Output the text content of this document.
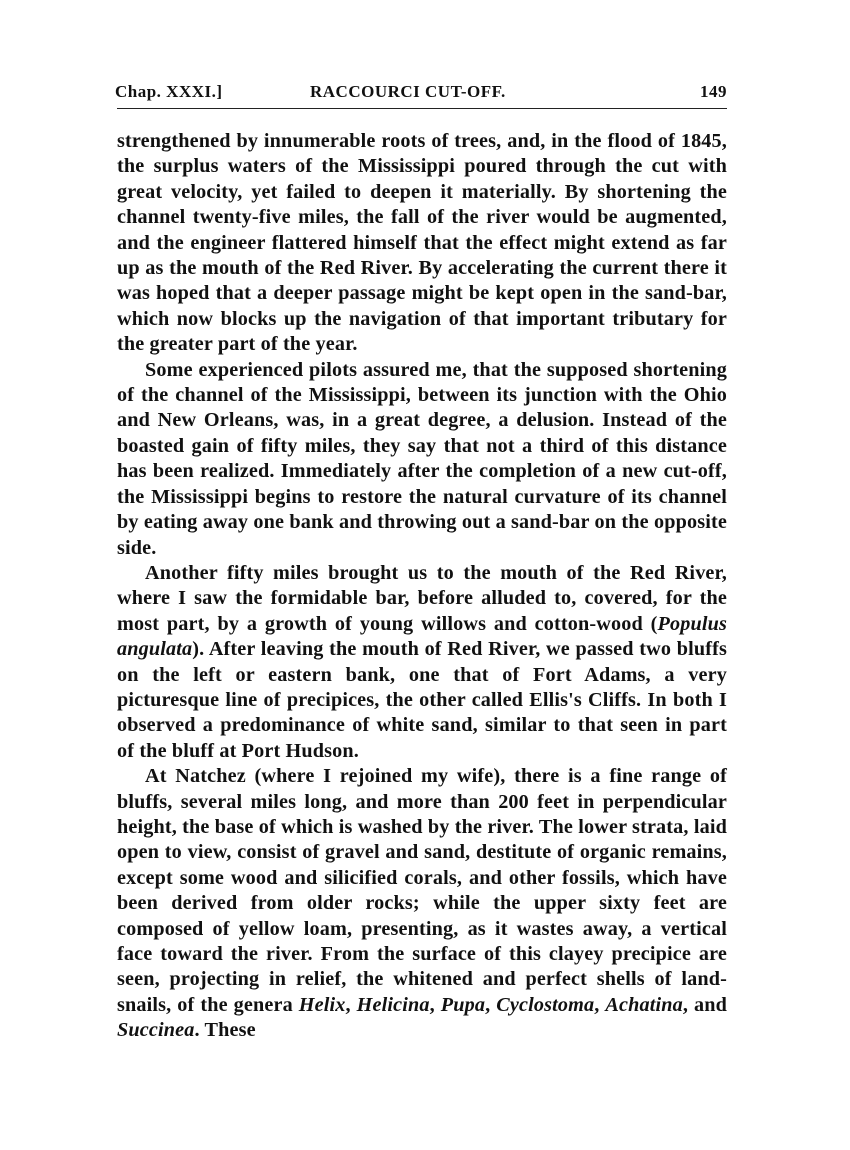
Chap. XXXI.]	RACCOURCI CUT-OFF.	149

strengthened by innumerable roots of trees, and, in the flood of 1845, the surplus waters of the Mississippi poured through the cut with great velocity, yet failed to deepen it materially. By shortening the channel twenty-five miles, the fall of the river would be augmented, and the engineer flattered himself that the effect might extend as far up as the mouth of the Red River. By accelerating the current there it was hoped that a deeper passage might be kept open in the sand-bar, which now blocks up the navigation of that important tributary for the greater part of the year.

Some experienced pilots assured me, that the supposed shortening of the channel of the Mississippi, between its junction with the Ohio and New Orleans, was, in a great degree, a delusion. Instead of the boasted gain of fifty miles, they say that not a third of this distance has been realized. Immediately after the completion of a new cut-off, the Mississippi begins to restore the natural curvature of its channel by eating away one bank and throwing out a sand-bar on the opposite side.

Another fifty miles brought us to the mouth of the Red River, where I saw the formidable bar, before alluded to, covered, for the most part, by a growth of young willows and cotton-wood (Populus angulata). After leaving the mouth of Red River, we passed two bluffs on the left or eastern bank, one that of Fort Adams, a very picturesque line of precipices, the other called Ellis's Cliffs. In both I observed a predominance of white sand, similar to that seen in part of the bluff at Port Hudson.

At Natchez (where I rejoined my wife), there is a fine range of bluffs, several miles long, and more than 200 feet in perpendicular height, the base of which is washed by the river. The lower strata, laid open to view, consist of gravel and sand, destitute of organic remains, except some wood and silicified corals, and other fossils, which have been derived from older rocks; while the upper sixty feet are composed of yellow loam, presenting, as it wastes away, a vertical face toward the river. From the surface of this clayey precipice are seen, projecting in relief, the whitened and perfect shells of land-snails, of the genera Helix, Helicina, Pupa, Cyclostoma, Achatina, and Succinea. These
